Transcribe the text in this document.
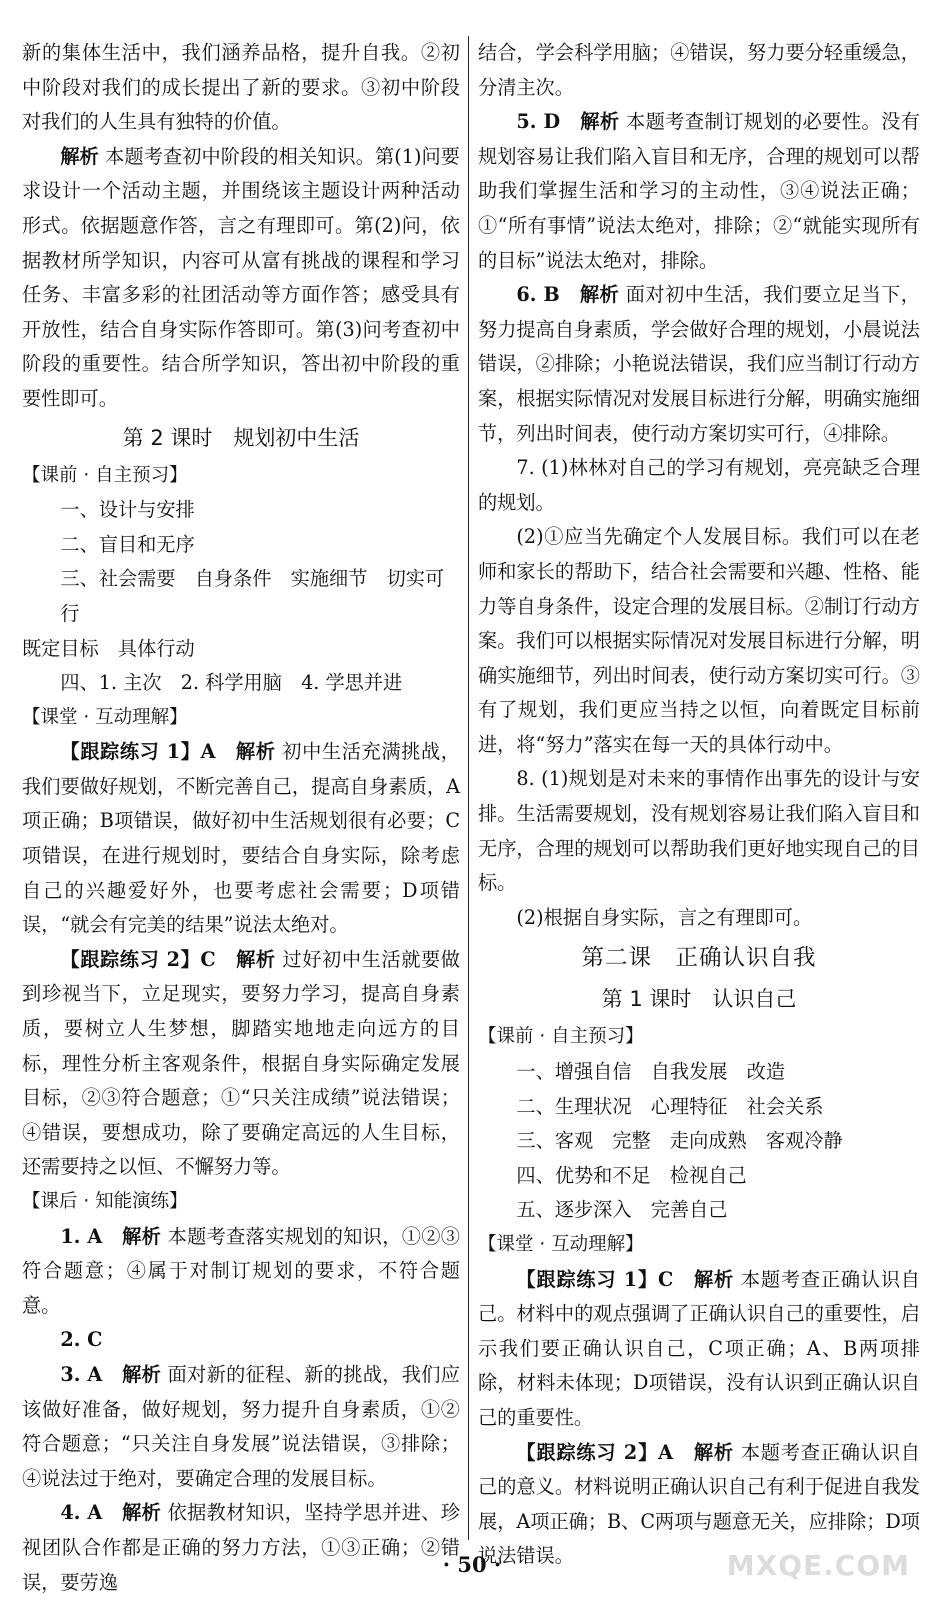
新的集体生活中，我们涵养品格，提升自我。②初中阶段对我们的成长提出了新的要求。③初中阶段对我们的人生具有独特的价值。

解析 本题考查初中阶段的相关知识。第(1)问要求设计一个活动主题，并围绕该主题设计两种活动形式。依据题意作答，言之有理即可。第(2)问，依据教材所学知识，内容可从富有挑战的课程和学习任务、丰富多彩的社团活动等方面作答；感受具有开放性，结合自身实际作答即可。第(3)问考查初中阶段的重要性。结合所学知识，答出初中阶段的重要性即可。

第 2 课时　规划初中生活

【课前 · 自主预习】

一、设计与安排

二、盲目和无序

三、社会需要　自身条件　实施细节　切实可行

既定目标　具体行动

四、1. 主次　2. 科学用脑　4. 学思并进

【课堂 · 互动理解】

【跟踪练习 1】A　解析 初中生活充满挑战，我们要做好规划，不断完善自己，提高自身素质，A项正确；B项错误，做好初中生活规划很有必要；C项错误，在进行规划时，要结合自身实际，除考虑自己的兴趣爱好外，也要考虑社会需要；D项错误，“就会有完美的结果”说法太绝对。

【跟踪练习 2】C　解析 过好初中生活就要做到珍视当下，立足现实，要努力学习，提高自身素质，要树立人生梦想，脚踏实地地走向远方的目标，理性分析主客观条件，根据自身实际确定发展目标，②③符合题意；①“只关注成绩”说法错误；④错误，要想成功，除了要确定高远的人生目标，还需要持之以恒、不懈努力等。

【课后 · 知能演练】

1. A　解析 本题考查落实规划的知识，①②③符合题意；④属于对制订规划的要求，不符合题意。

2. C

3. A　解析 面对新的征程、新的挑战，我们应该做好准备，做好规划，努力提升自身素质，①②符合题意；“只关注自身发展”说法错误，③排除；④说法过于绝对，要确定合理的发展目标。

4. A　解析 依据教材知识，坚持学思并进、珍视团队合作都是正确的努力方法，①③正确；②错误，要劳逸

结合，学会科学用脑；④错误，努力要分轻重缓急，分清主次。

5. D　解析 本题考查制订规划的必要性。没有规划容易让我们陷入盲目和无序，合理的规划可以帮助我们掌握生活和学习的主动性，③④说法正确；①“所有事情”说法太绝对，排除；②“就能实现所有的目标”说法太绝对，排除。

6. B　解析 面对初中生活，我们要立足当下，努力提高自身素质，学会做好合理的规划，小晨说法错误，②排除；小艳说法错误，我们应当制订行动方案，根据实际情况对发展目标进行分解，明确实施细节，列出时间表，使行动方案切实可行，④排除。

7. (1)林林对自己的学习有规划，亮亮缺乏合理的规划。

(2)①应当先确定个人发展目标。我们可以在老师和家长的帮助下，结合社会需要和兴趣、性格、能力等自身条件，设定合理的发展目标。②制订行动方案。我们可以根据实际情况对发展目标进行分解，明确实施细节，列出时间表，使行动方案切实可行。③有了规划，我们更应当持之以恒，向着既定目标前进，将“努力”落实在每一天的具体行动中。

8. (1)规划是对未来的事情作出事先的设计与安排。生活需要规划，没有规划容易让我们陷入盲目和无序，合理的规划可以帮助我们更好地实现自己的目标。

(2)根据自身实际，言之有理即可。

第二课　正确认识自我
第 1 课时　认识自己

【课前 · 自主预习】

一、增强自信　自我发展　改造

二、生理状况　心理特征　社会关系

三、客观　完整　走向成熟　客观冷静

四、优势和不足　检视自己

五、逐步深入　完善自己

【课堂 · 互动理解】

【跟踪练习 1】C　解析 本题考查正确认识自己。材料中的观点强调了正确认识自己的重要性，启示我们要正确认识自己，C项正确；A、B两项排除，材料未体现；D项错误，没有认识到正确认识自己的重要性。

【跟踪练习 2】A　解析 本题考查正确认识自己的意义。材料说明正确认识自己有利于促进自我发展，A项正确；B、C两项与题意无关，应排除；D项说法错误。

· 50 ·	MXQE.COM
